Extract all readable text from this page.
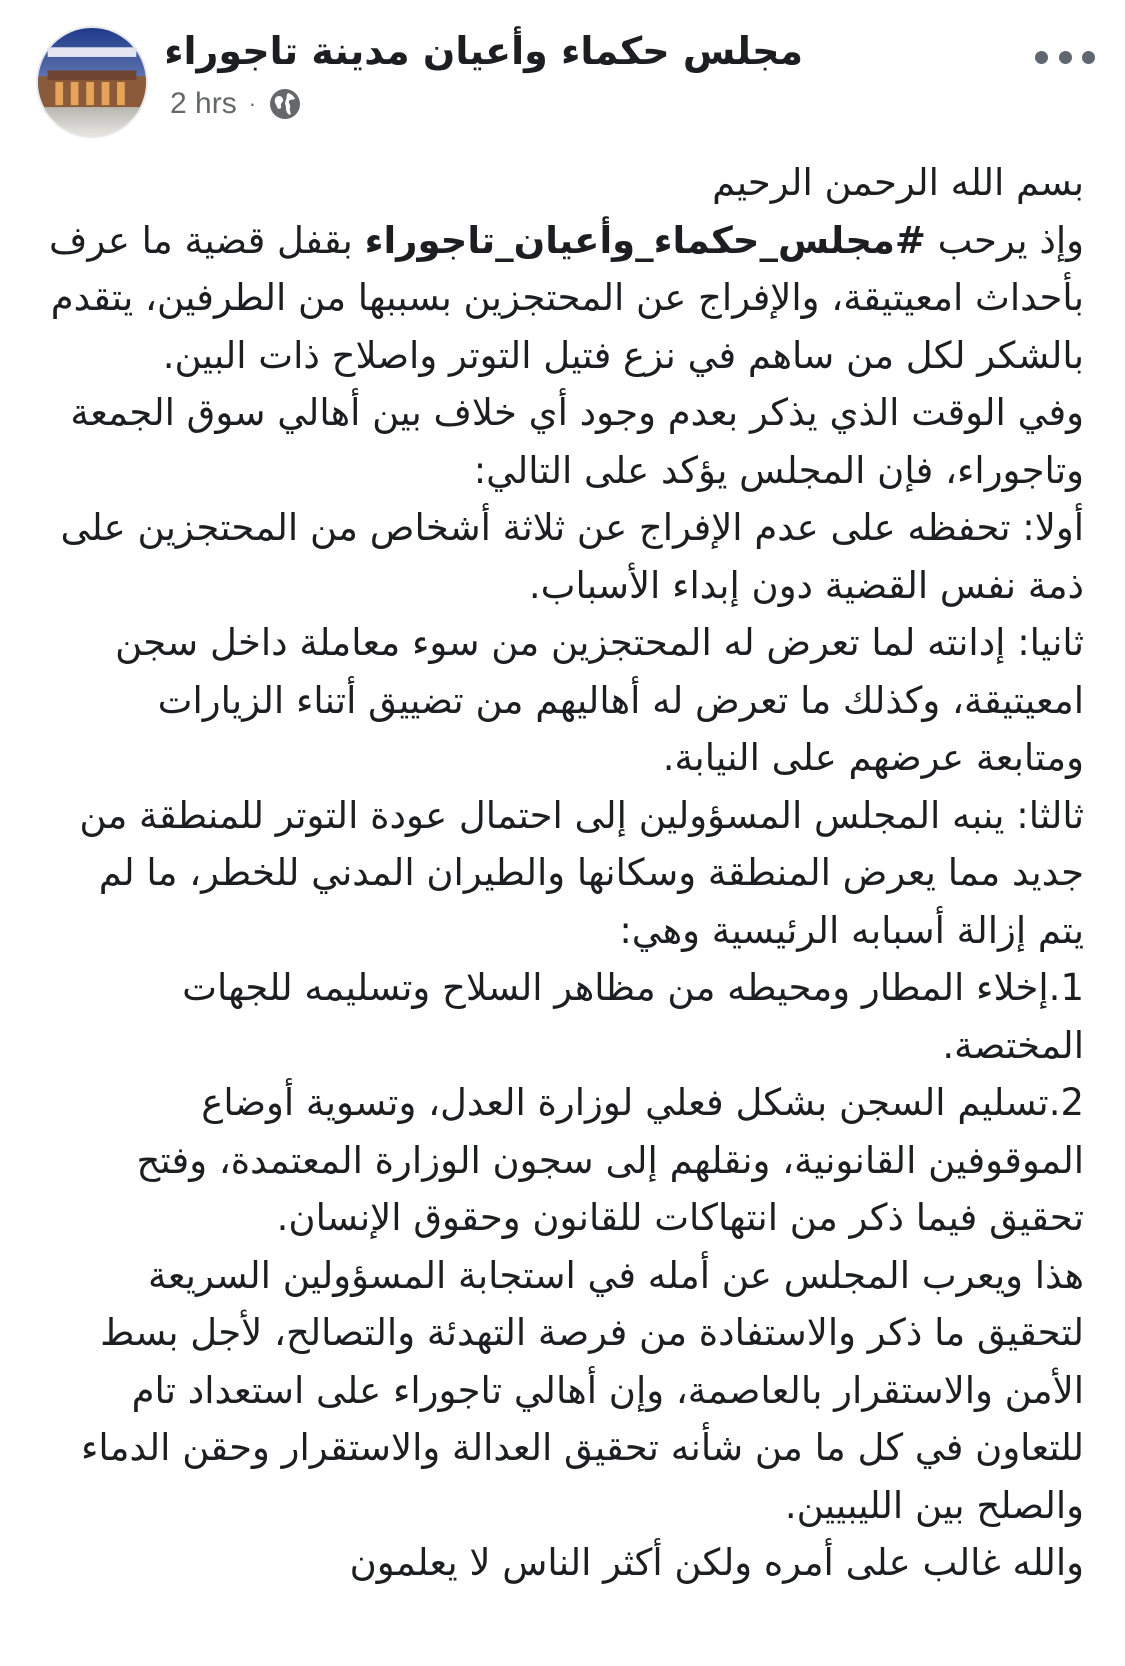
مجلس حكماء وأعيان مدينة تاجوراء
2 hrs ·

بسم الله الرحمن الرحيم

وإذ يرحب #مجلس_حكماء_وأعيان_تاجوراء بقفل قضية ما عرف بأحداث امعيتيقة، والإفراج عن المحتجزين بسببها من الطرفين، يتقدم بالشكر لكل من ساهم في نزع فتيل التوتر واصلاح ذات البين.

وفي الوقت الذي يذكر بعدم وجود أي خلاف بين أهالي سوق الجمعة وتاجوراء، فإن المجلس يؤكد على التالي:

أولا: تحفظه على عدم الإفراج عن ثلاثة أشخاص من المحتجزين على ذمة نفس القضية دون إبداء الأسباب.

ثانيا: إدانته لما تعرض له المحتجزين من سوء معاملة داخل سجن امعيتيقة، وكذلك ما تعرض له أهاليهم من تضييق أتناء الزيارات ومتابعة عرضهم على النيابة.

ثالثا: ينبه المجلس المسؤولين إلى احتمال عودة التوتر للمنطقة من جديد مما يعرض المنطقة وسكانها والطيران المدني للخطر، ما لم يتم إزالة أسبابه الرئيسية وهي:

1.إخلاء المطار ومحيطه من مظاهر السلاح وتسليمه للجهات المختصة.

2.تسليم السجن بشكل فعلي لوزارة العدل، وتسوية أوضاع الموقوفين القانونية، ونقلهم إلى سجون الوزارة المعتمدة، وفتح تحقيق فيما ذكر من انتهاكات للقانون وحقوق الإنسان.

هذا ويعرب المجلس عن أمله في استجابة المسؤولين السريعة لتحقيق ما ذكر والاستفادة من فرصة التهدئة والتصالح، لأجل بسط الأمن والاستقرار بالعاصمة، وإن أهالي تاجوراء على استعداد تام للتعاون في كل ما من شأنه تحقيق العدالة والاستقرار وحقن الدماء والصلح بين الليبيين.

والله غالب على أمره ولكن أكثر الناس لا يعلمون
